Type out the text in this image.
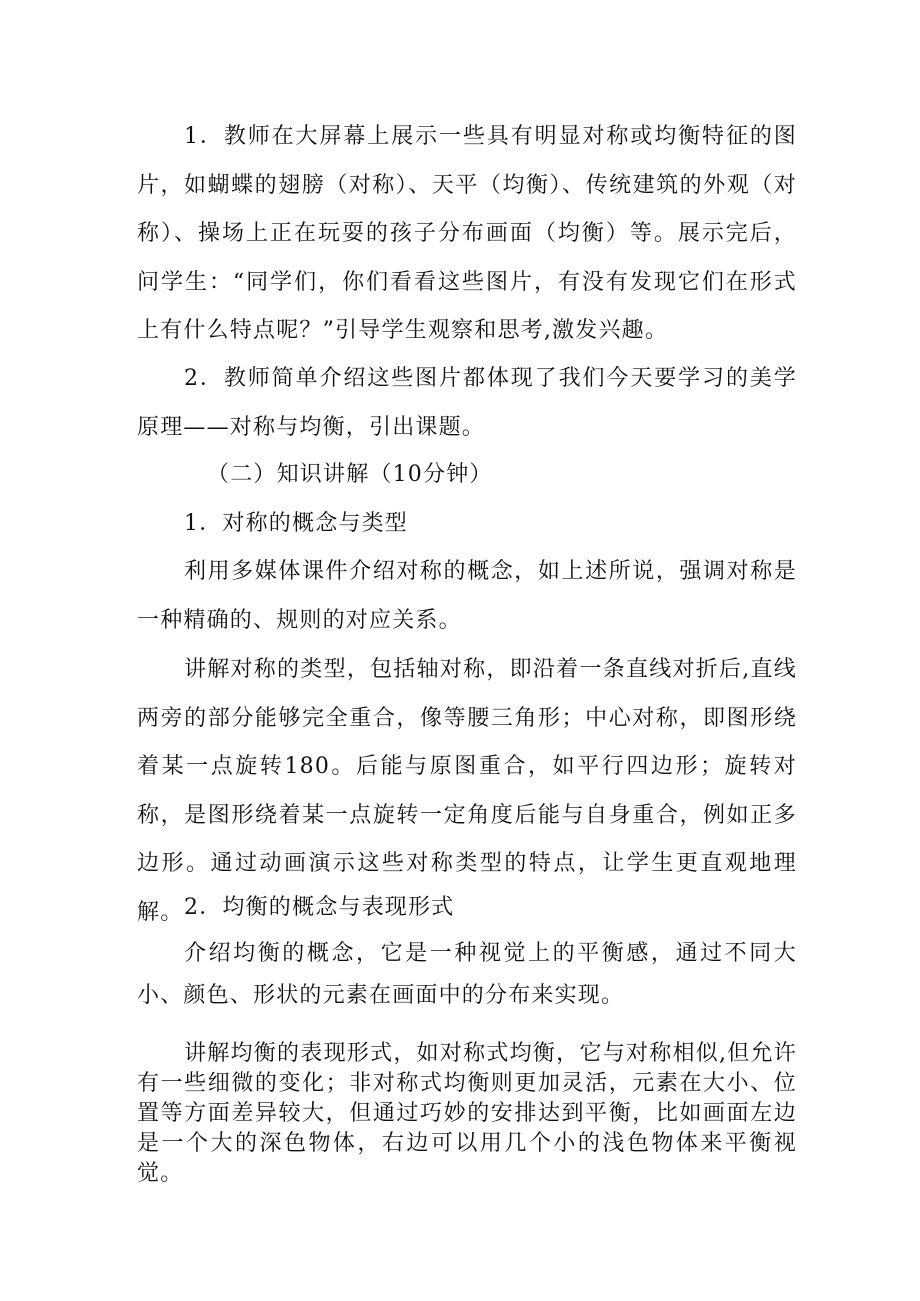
1．教师在大屏幕上展示一些具有明显对称或均衡特征的图片，如蝴蝶的翅膀（对称）、天平（均衡）、传统建筑的外观（对称）、操场上正在玩耍的孩子分布画面（均衡）等。展示完后，问学生：“同学们，你们看看这些图片，有没有发现它们在形式上有什么特点呢？”引导学生观察和思考,激发兴趣。

2．教师简单介绍这些图片都体现了我们今天要学习的美学原理——对称与均衡，引出课题。

（二）知识讲解（10分钟）

1．对称的概念与类型

利用多媒体课件介绍对称的概念，如上述所说，强调对称是一种精确的、规则的对应关系。

讲解对称的类型，包括轴对称，即沿着一条直线对折后,直线两旁的部分能够完全重合，像等腰三角形；中心对称，即图形绕着某一点旋转180。后能与原图重合，如平行四边形；旋转对称，是图形绕着某一点旋转一定角度后能与自身重合，例如正多边形。通过动画演示这些对称类型的特点，让学生更直观地理解。 2．均衡的概念与表现形式

介绍均衡的概念，它是一种视觉上的平衡感，通过不同大小、颜色、形状的元素在画面中的分布来实现。

讲解均衡的表现形式，如对称式均衡，它与对称相似,但允许有一些细微的变化；非对称式均衡则更加灵活，元素在大小、位置等方面差异较大，但通过巧妙的安排达到平衡，比如画面左边是一个大的深色物体，右边可以用几个小的浅色物体来平衡视觉。
